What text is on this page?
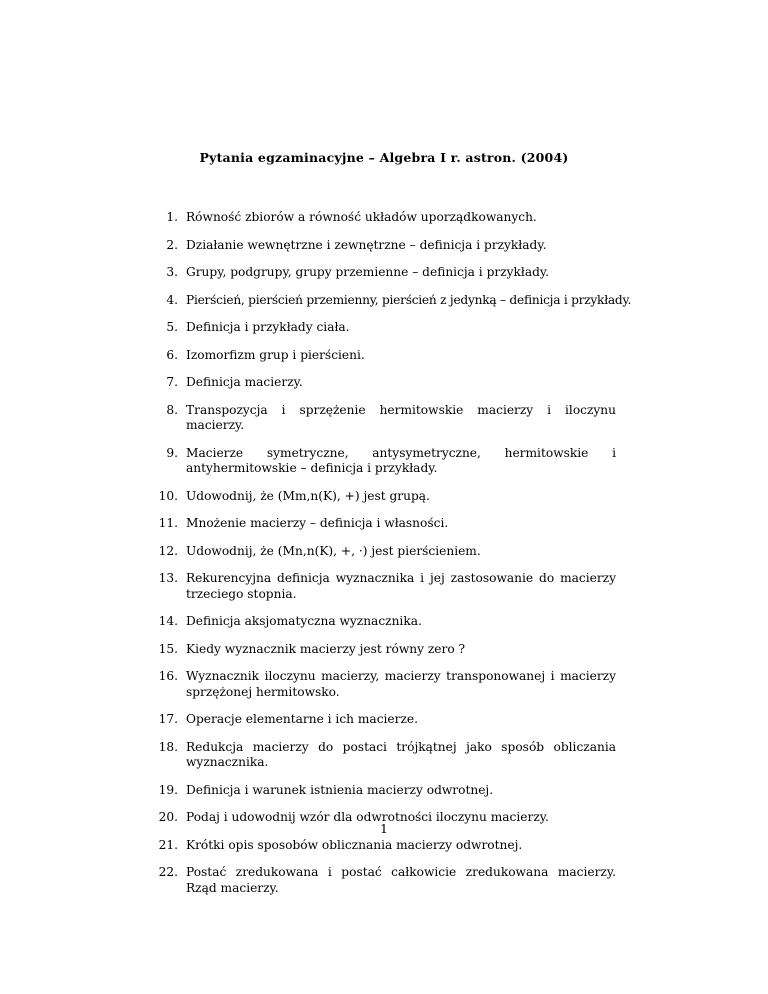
Pytania egzaminacyjne – Algebra I r. astron. (2004)
1. Równość zbiorów a równość układów uporządkowanych.
2. Działanie wewnętrzne i zewnętrzne – definicja i przykłady.
3. Grupy, podgrupy, grupy przemienne – definicja i przykłady.
4. Pierścień, pierścień przemienny, pierścień z jedynką – definicja i przykłady.
5. Definicja i przykłady ciała.
6. Izomorfizm grup i pierścieni.
7. Definicja macierzy.
8. Transpozycja i sprzężenie hermitowskie macierzy i iloczynu macierzy.
9. Macierze symetryczne, antysymetryczne, hermitowskie i antyhermitowskie – definicja i przykłady.
10. Udowodnij, że (Mm,n(K), +) jest grupą.
11. Mnożenie macierzy – definicja i własności.
12. Udowodnij, że (Mn,n(K), +, ·) jest pierścieniem.
13. Rekurencyjna definicja wyznacznika i jej zastosowanie do macierzy trzeciego stopnia.
14. Definicja aksjomatyczna wyznacznika.
15. Kiedy wyznacznik macierzy jest równy zero ?
16. Wyznacznik iloczynu macierzy, macierzy transponowanej i macierzy sprzężonej hermitowsko.
17. Operacje elementarne i ich macierze.
18. Redukcja macierzy do postaci trójkątnej jako sposób obliczania wyznacznika.
19. Definicja i warunek istnienia macierzy odwrotnej.
20. Podaj i udowodnij wzór dla odwrotności iloczynu macierzy.
21. Krótki opis sposobów oblicznania macierzy odwrotnej.
22. Postać zredukowana i postać całkowicie zredukowana macierzy. Rząd macierzy.
1
